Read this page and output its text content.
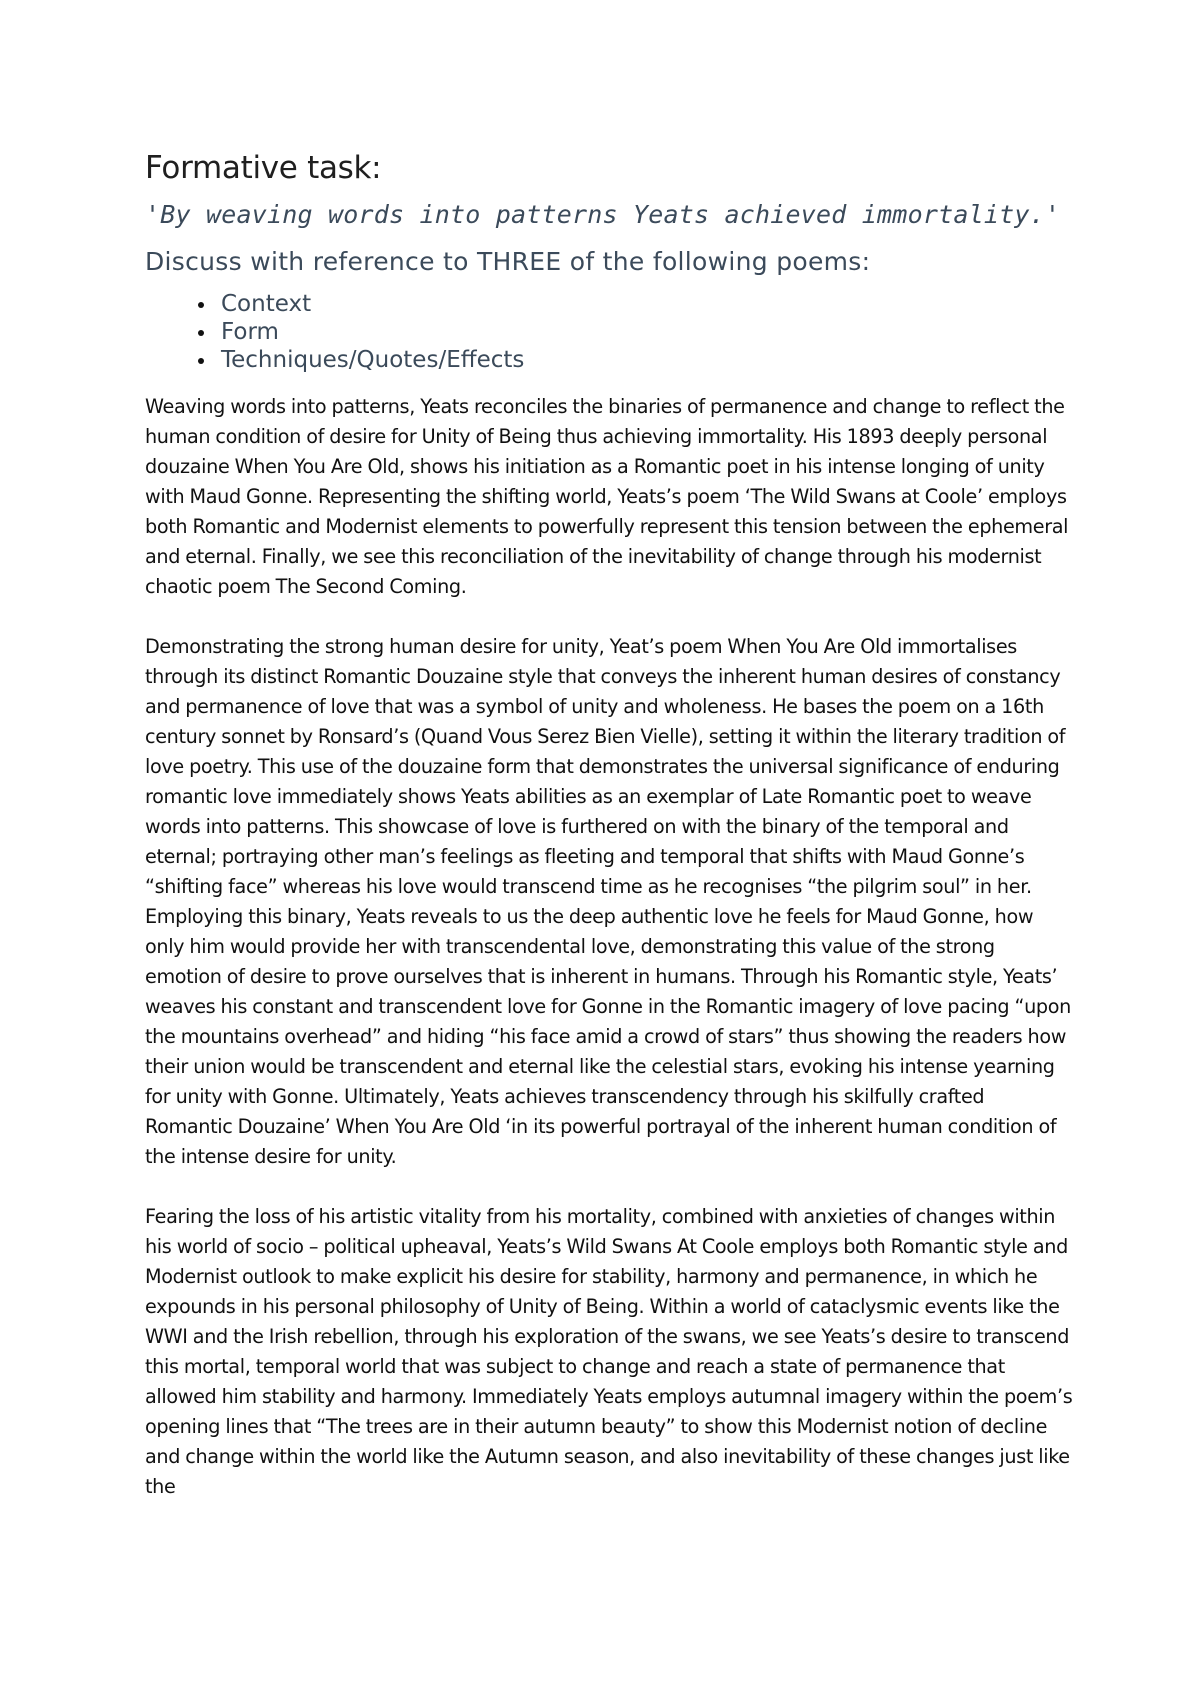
Formative task:
'By weaving words into patterns Yeats achieved immortality.'
Discuss with reference to THREE of the following poems:
• Context
• Form
• Techniques/Quotes/Effects

Weaving words into patterns, Yeats reconciles the binaries of permanence and change to reflect the human condition of desire for Unity of Being thus achieving immortality. His 1893 deeply personal douzaine When You Are Old, shows his initiation as a Romantic poet in his intense longing of unity with Maud Gonne. Representing the shifting world, Yeats’s poem ‘The Wild Swans at Coole’ employs both Romantic and Modernist elements to powerfully represent this tension between the ephemeral and eternal. Finally, we see this reconciliation of the inevitability of change through his modernist chaotic poem The Second Coming.

Demonstrating the strong human desire for unity, Yeat’s poem When You Are Old immortalises through its distinct Romantic Douzaine style that conveys the inherent human desires of constancy and permanence of love that was a symbol of unity and wholeness. He bases the poem on a 16th century sonnet by Ronsard’s (Quand Vous Serez Bien Vielle), setting it within the literary tradition of love poetry. This use of the douzaine form that demonstrates the universal significance of enduring romantic love immediately shows Yeats abilities as an exemplar of Late Romantic poet to weave words into patterns. This showcase of love is furthered on with the binary of the temporal and eternal; portraying other man’s feelings as fleeting and temporal that shifts with Maud Gonne’s “shifting face” whereas his love would transcend time as he recognises “the pilgrim soul” in her. Employing this binary, Yeats reveals to us the deep authentic love he feels for Maud Gonne, how only him would provide her with transcendental love, demonstrating this value of the strong emotion of desire to prove ourselves that is inherent in humans. Through his Romantic style, Yeats’ weaves his constant and transcendent love for Gonne in the Romantic imagery of love pacing “upon the mountains overhead” and hiding “his face amid a crowd of stars” thus showing the readers how their union would be transcendent and eternal like the celestial stars, evoking his intense yearning for unity with Gonne. Ultimately, Yeats achieves transcendency through his skilfully crafted Romantic Douzaine’ When You Are Old ‘in its powerful portrayal of the inherent human condition of the intense desire for unity.

Fearing the loss of his artistic vitality from his mortality, combined with anxieties of changes within his world of socio – political upheaval, Yeats’s Wild Swans At Coole employs both Romantic style and Modernist outlook to make explicit his desire for stability, harmony and permanence, in which he expounds in his personal philosophy of Unity of Being. Within a world of cataclysmic events like the WWI and the Irish rebellion, through his exploration of the swans, we see Yeats’s desire to transcend this mortal, temporal world that was subject to change and reach a state of permanence that allowed him stability and harmony. Immediately Yeats employs autumnal imagery within the poem’s opening lines that “The trees are in their autumn beauty” to show this Modernist notion of decline and change within the world like the Autumn season, and also inevitability of these changes just like the
